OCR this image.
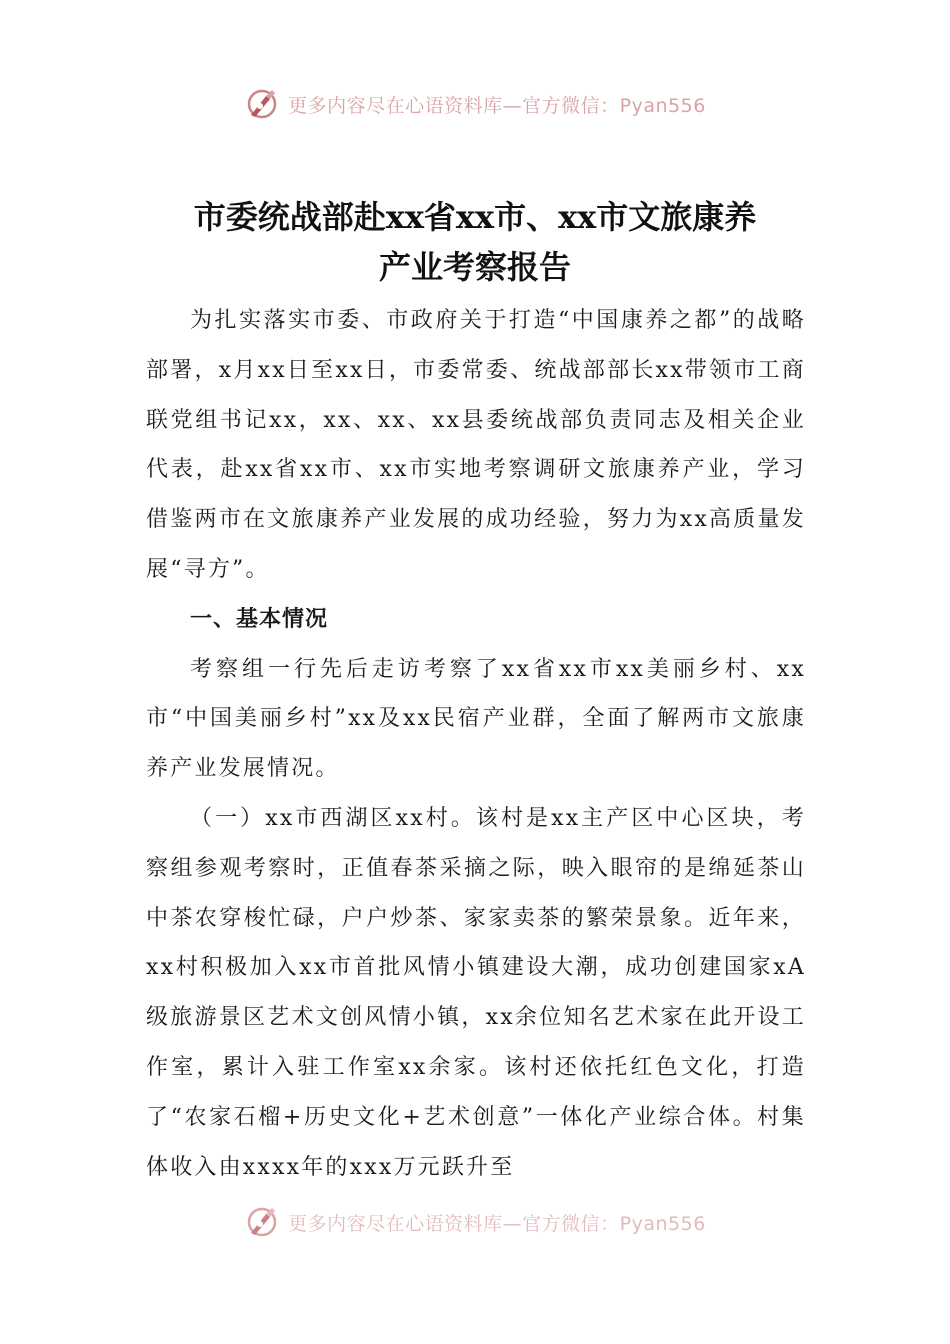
更多内容尽在心语资料库—官方微信：Pyan556
市委统战部赴xx省xx市、xx市文旅康养
产业考察报告

为扎实落实市委、市政府关于打造“中国康养之都”的战略部署，x月xx日至xx日，市委常委、统战部部长xx带领市工商联党组书记xx，xx、xx、xx县委统战部负责同志及相关企业代表，赴xx省xx市、xx市实地考察调研文旅康养产业，学习借鉴两市在文旅康养产业发展的成功经验，努力为xx高质量发展“寻方”。

一、基本情况

考察组一行先后走访考察了xx省xx市xx美丽乡村、xx市“中国美丽乡村”xx及xx民宿产业群，全面了解两市文旅康养产业发展情况。

（一）xx市西湖区xx村。该村是xx主产区中心区块，考察组参观考察时，正值春茶采摘之际，映入眼帘的是绵延茶山中茶农穿梭忙碌，户户炒茶、家家卖茶的繁荣景象。近年来，xx村积极加入xx市首批风情小镇建设大潮，成功创建国家xA级旅游景区艺术文创风情小镇，xx余位知名艺术家在此开设工作室，累计入驻工作室xx余家。该村还依托红色文化，打造了“农家石榴+历史文化+艺术创意”一体化产业综合体。村集体收入由xxxx年的xxx万元跃升至

更多内容尽在心语资料库—官方微信：Pyan556
